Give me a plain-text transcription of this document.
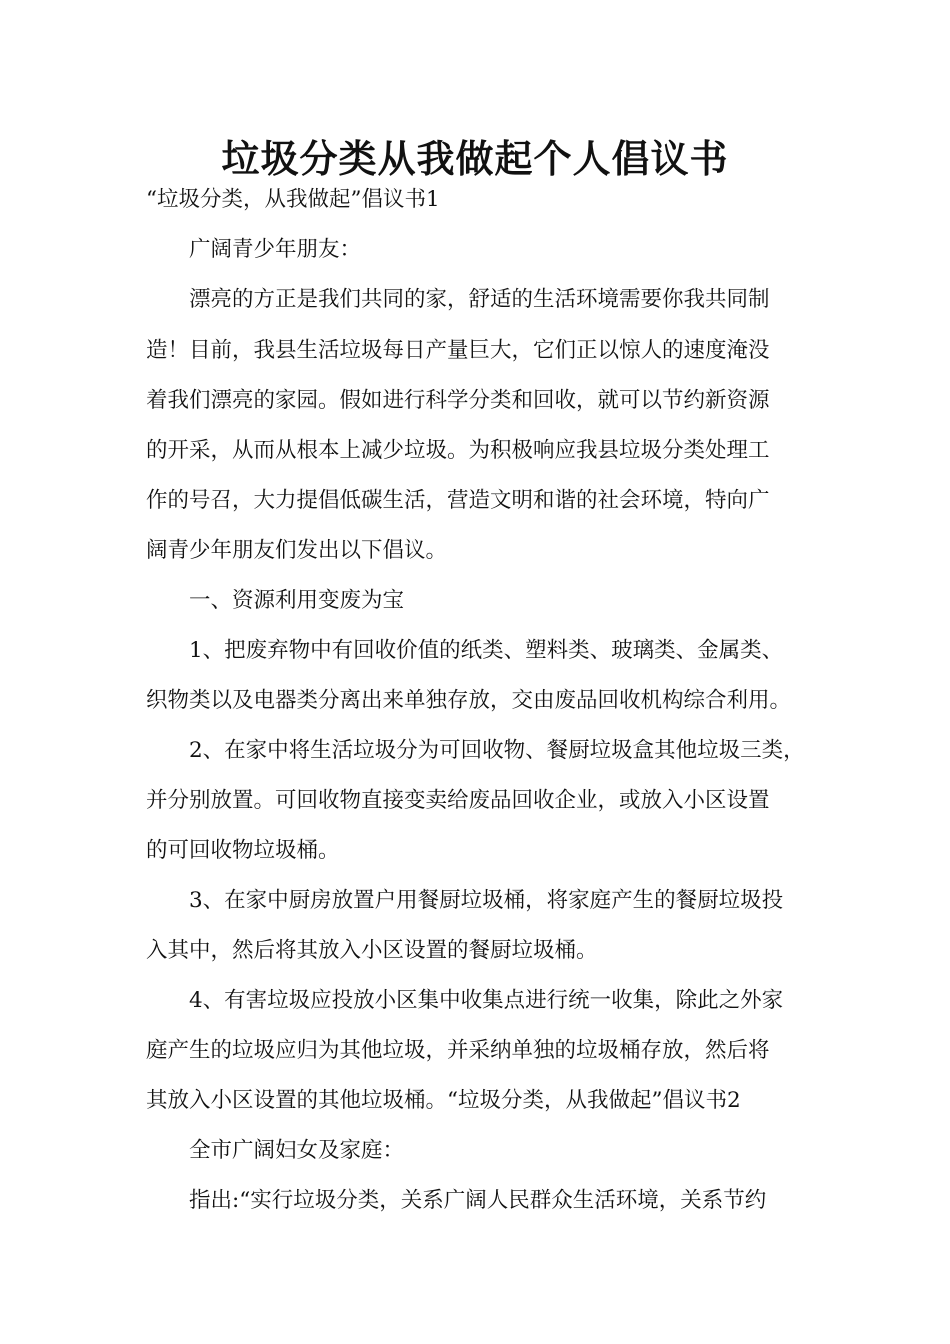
垃圾分类从我做起个人倡议书

“垃圾分类，从我做起”倡议书1

广阔青少年朋友：

漂亮的方正是我们共同的家，舒适的生活环境需要你我共同制

造！目前，我县生活垃圾每日产量巨大，它们正以惊人的速度淹没

着我们漂亮的家园。假如进行科学分类和回收，就可以节约新资源

的开采，从而从根本上减少垃圾。为积极响应我县垃圾分类处理工

作的号召，大力提倡低碳生活，营造文明和谐的社会环境，特向广

阔青少年朋友们发出以下倡议。

一、资源利用变废为宝

1、把废弃物中有回收价值的纸类、塑料类、玻璃类、金属类、

织物类以及电器类分离出来单独存放，交由废品回收机构综合利用。

2、在家中将生活垃圾分为可回收物、餐厨垃圾盒其他垃圾三类，

并分别放置。可回收物直接变卖给废品回收企业，或放入小区设置

的可回收物垃圾桶。

3、在家中厨房放置户用餐厨垃圾桶，将家庭产生的餐厨垃圾投

入其中，然后将其放入小区设置的餐厨垃圾桶。

4、有害垃圾应投放小区集中收集点进行统一收集，除此之外家

庭产生的垃圾应归为其他垃圾，并采纳单独的垃圾桶存放，然后将

其放入小区设置的其他垃圾桶。“垃圾分类，从我做起”倡议书2

全市广阔妇女及家庭：

指出:“实行垃圾分类，关系广阔人民群众生活环境，关系节约
